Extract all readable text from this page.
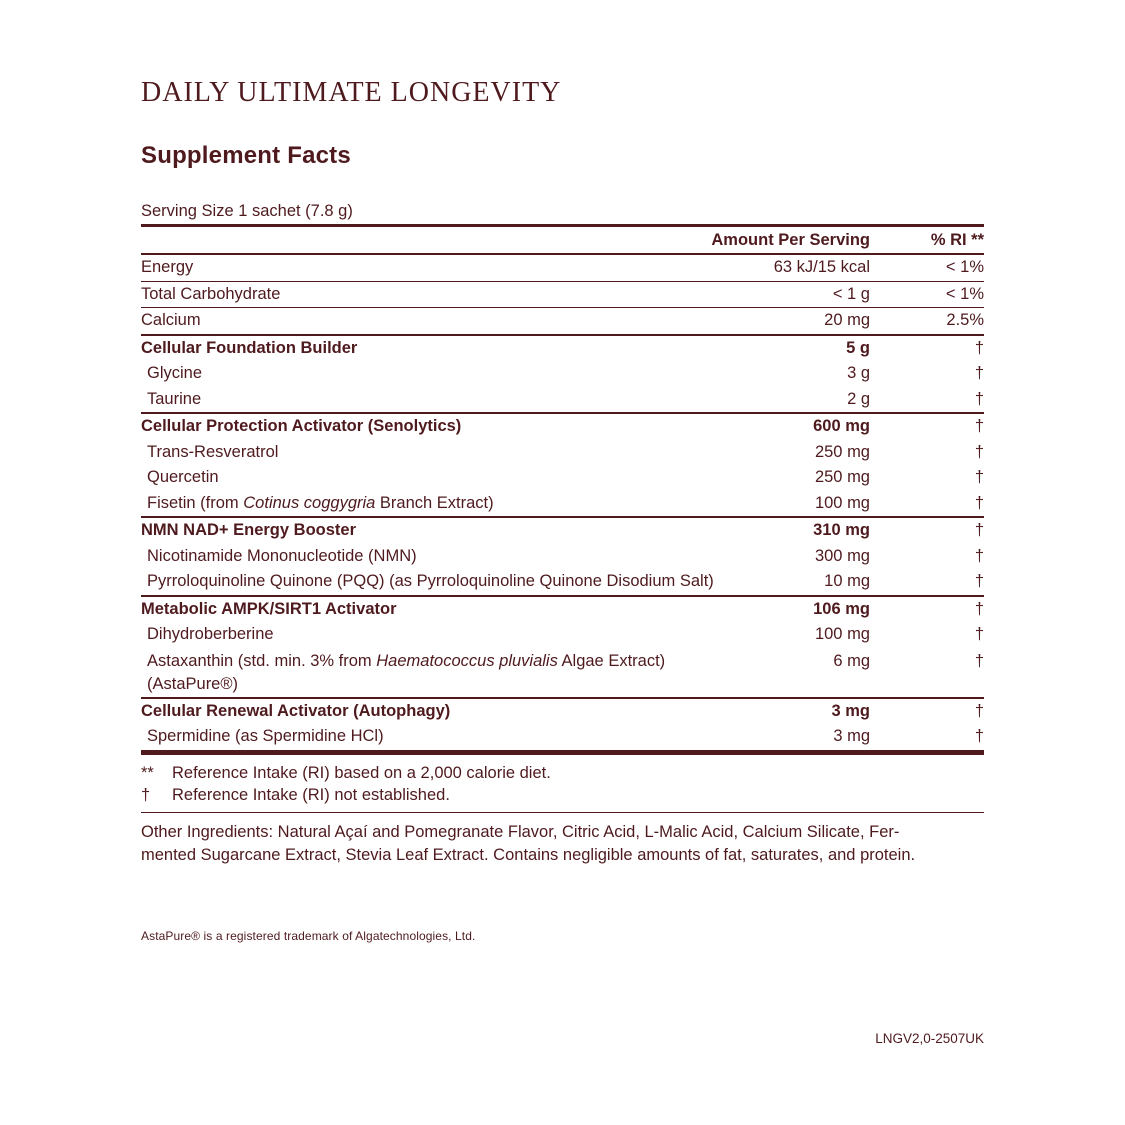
DAILY ULTIMATE LONGEVITY
Supplement Facts
Serving Size 1 sachet (7.8 g)
Amount Per Serving	% RI **
Energy	63 kJ/15 kcal	< 1%
Total Carbohydrate	< 1 g	< 1%
Calcium	20 mg	2.5%
Cellular Foundation Builder	5 g	†
Glycine	3 g	†
Taurine	2 g	†
Cellular Protection Activator (Senolytics)	600 mg	†
Trans-Resveratrol	250 mg	†
Quercetin	250 mg	†
Fisetin (from Cotinus coggygria Branch Extract)	100 mg	†
NMN NAD+ Energy Booster	310 mg	†
Nicotinamide Mononucleotide (NMN)	300 mg	†
Pyrroloquinoline Quinone (PQQ) (as Pyrroloquinoline Quinone Disodium Salt)	10 mg	†
Metabolic AMPK/SIRT1 Activator	106 mg	†
Dihydroberberine	100 mg	†
Astaxanthin (std. min. 3% from Haematococcus pluvialis Algae Extract)
(AstaPure®)
6 mg	†
Cellular Renewal Activator (Autophagy)	3 mg	†
Spermidine (as Spermidine HCl)	3 mg	†
**	Reference Intake (RI) based on a 2,000 calorie diet.
†	Reference Intake (RI) not established.
Other Ingredients: Natural Açaí and Pomegranate Flavor, Citric Acid, L-Malic Acid, Calcium Silicate, Fer-
mented Sugarcane Extract, Stevia Leaf Extract. Contains negligible amounts of fat, saturates, and protein.
AstaPure® is a registered trademark of Algatechnologies, Ltd.
LNGV2,0-2507UK
